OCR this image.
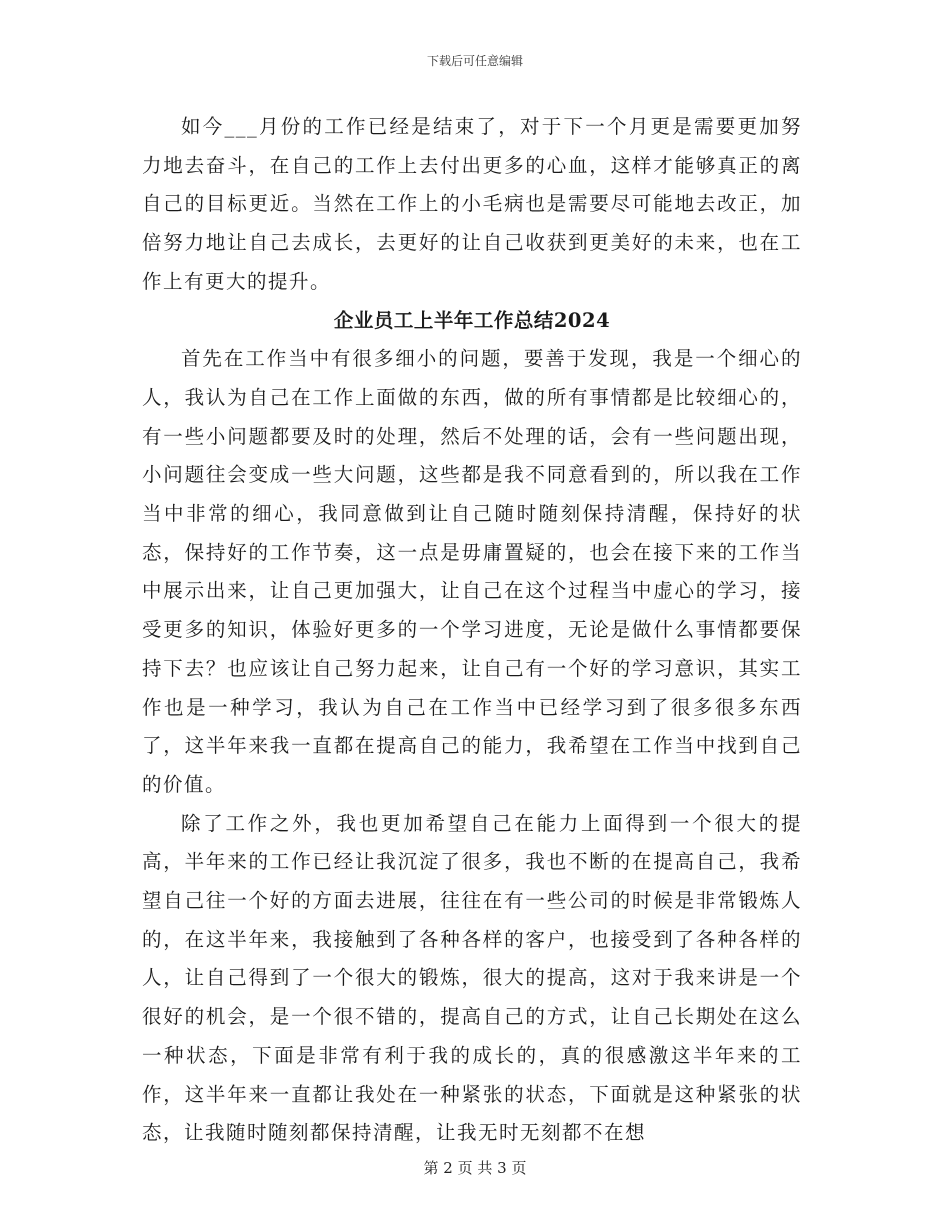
下载后可任意编辑

如今___月份的工作已经是结束了，对于下一个月更是需要更加努力地去奋斗，在自己的工作上去付出更多的心血，这样才能够真正的离自己的目标更近。当然在工作上的小毛病也是需要尽可能地去改正，加倍努力地让自己去成长，去更好的让自己收获到更美好的未来，也在工作上有更大的提升。

企业员工上半年工作总结2024

首先在工作当中有很多细小的问题，要善于发现，我是一个细心的人，我认为自己在工作上面做的东西，做的所有事情都是比较细心的，有一些小问题都要及时的处理，然后不处理的话，会有一些问题出现，小问题往会变成一些大问题，这些都是我不同意看到的，所以我在工作当中非常的细心，我同意做到让自己随时随刻保持清醒，保持好的状态，保持好的工作节奏，这一点是毋庸置疑的，也会在接下来的工作当中展示出来，让自己更加强大，让自己在这个过程当中虚心的学习，接受更多的知识，体验好更多的一个学习进度，无论是做什么事情都要保持下去？也应该让自己努力起来，让自己有一个好的学习意识，其实工作也是一种学习，我认为自己在工作当中已经学习到了很多很多东西了，这半年来我一直都在提高自己的能力，我希望在工作当中找到自己的价值。

除了工作之外，我也更加希望自己在能力上面得到一个很大的提高，半年来的工作已经让我沉淀了很多，我也不断的在提高自己，我希望自己往一个好的方面去进展，往往在有一些公司的时候是非常锻炼人的，在这半年来，我接触到了各种各样的客户，也接受到了各种各样的人，让自己得到了一个很大的锻炼，很大的提高，这对于我来讲是一个很好的机会，是一个很不错的，提高自己的方式，让自己长期处在这么一种状态，下面是非常有利于我的成长的，真的很感激这半年来的工作，这半年来一直都让我处在一种紧张的状态，下面就是这种紧张的状态，让我随时随刻都保持清醒，让我无时无刻都不在想

第 2 页 共 3 页
